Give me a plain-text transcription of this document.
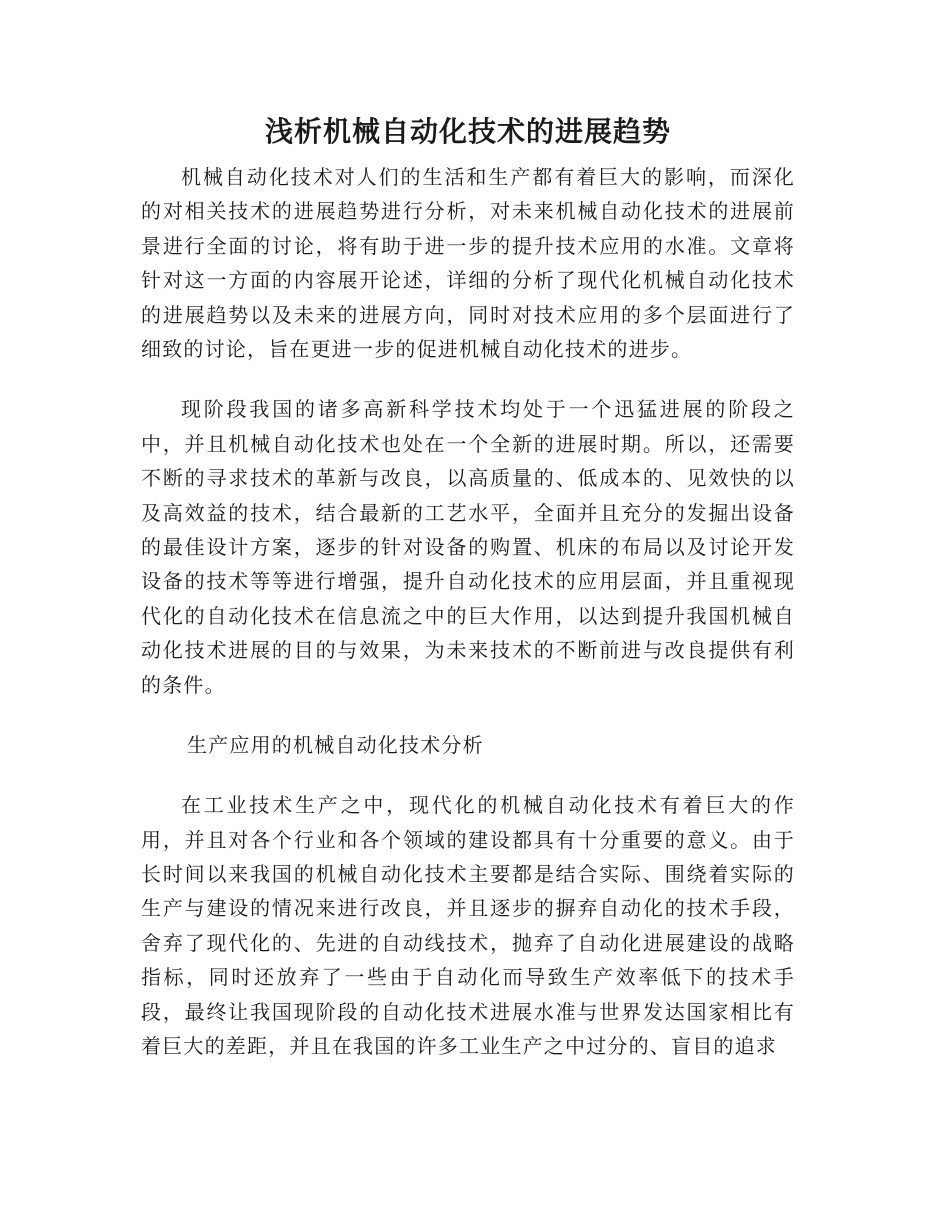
浅析机械自动化技术的进展趋势

机械自动化技术对人们的生活和生产都有着巨大的影响，而深化的对相关技术的进展趋势进行分析，对未来机械自动化技术的进展前景进行全面的讨论，将有助于进一步的提升技术应用的水准。文章将针对这一方面的内容展开论述，详细的分析了现代化机械自动化技术的进展趋势以及未来的进展方向，同时对技术应用的多个层面进行了细致的讨论，旨在更进一步的促进机械自动化技术的进步。

现阶段我国的诸多高新科学技术均处于一个迅猛进展的阶段之中，并且机械自动化技术也处在一个全新的进展时期。所以，还需要不断的寻求技术的革新与改良，以高质量的、低成本的、见效快的以及高效益的技术，结合最新的工艺水平，全面并且充分的发掘出设备的最佳设计方案，逐步的针对设备的购置、机床的布局以及讨论开发设备的技术等等进行增强，提升自动化技术的应用层面，并且重视现代化的自动化技术在信息流之中的巨大作用，以达到提升我国机械自动化技术进展的目的与效果，为未来技术的不断前进与改良提供有利的条件。

生产应用的机械自动化技术分析

在工业技术生产之中，现代化的机械自动化技术有着巨大的作用，并且对各个行业和各个领域的建设都具有十分重要的意义。由于长时间以来我国的机械自动化技术主要都是结合实际、围绕着实际的生产与建设的情况来进行改良，并且逐步的摒弃自动化的技术手段，舍弃了现代化的、先进的自动线技术，抛弃了自动化进展建设的战略指标，同时还放弃了一些由于自动化而导致生产效率低下的技术手段，最终让我国现阶段的自动化技术进展水准与世界发达国家相比有着巨大的差距，并且在我国的许多工业生产之中过分的、盲目的追求
